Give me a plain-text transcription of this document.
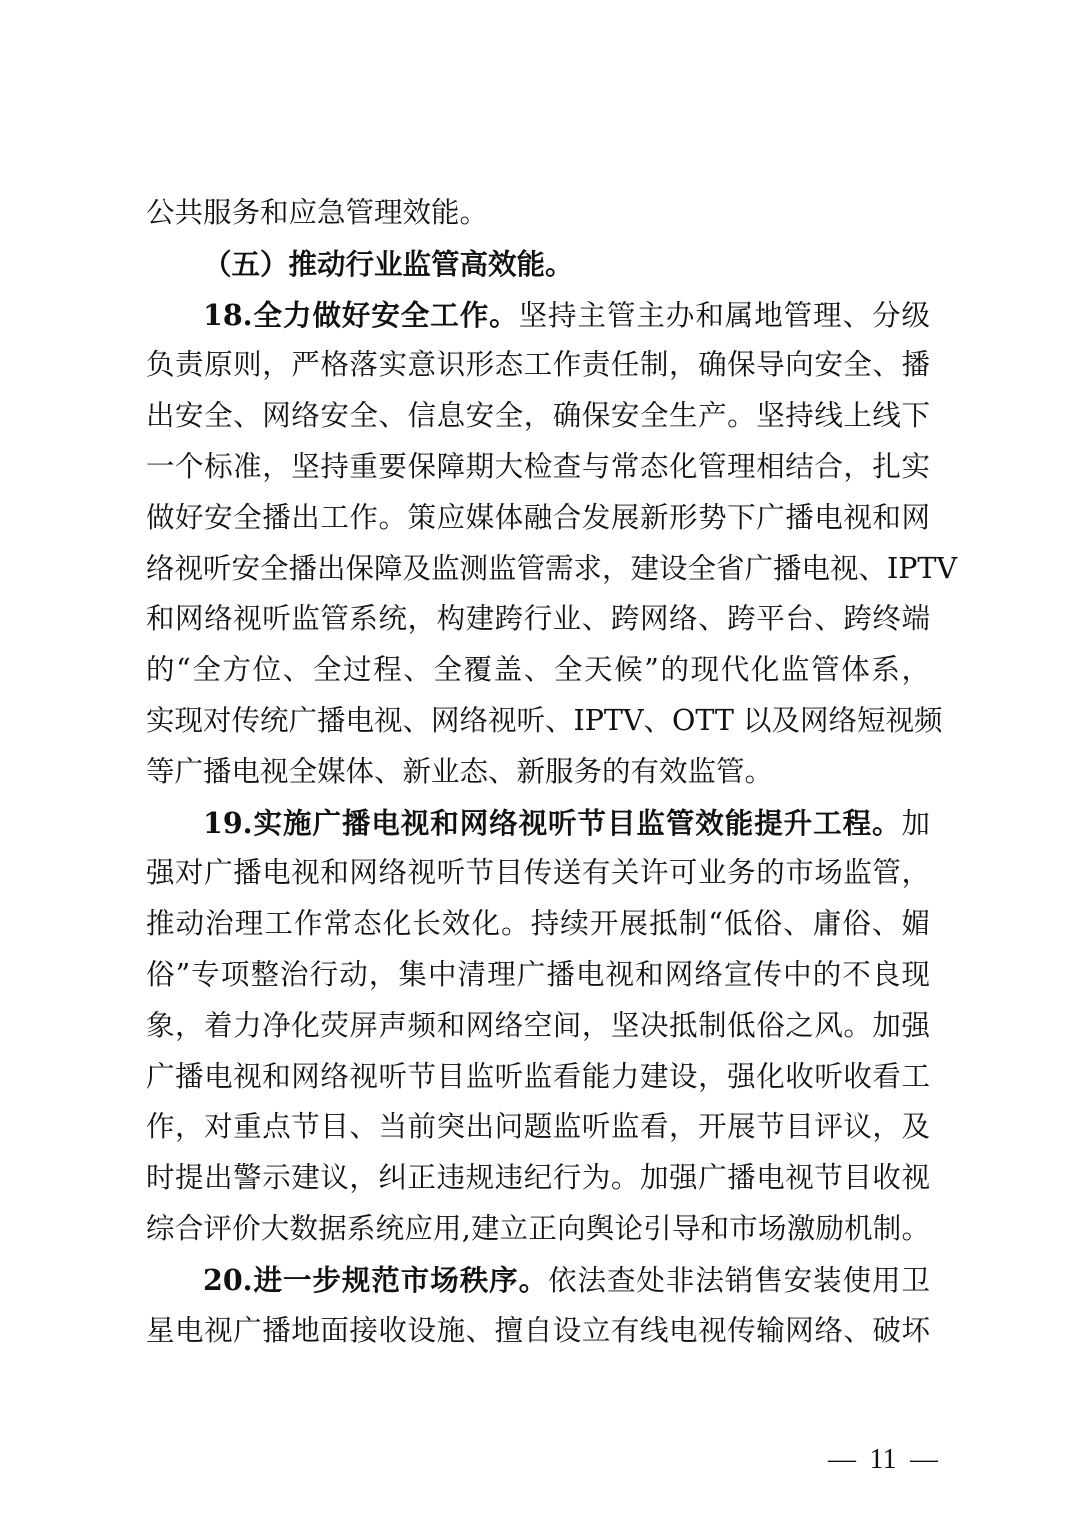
公共服务和应急管理效能。
（五）推动行业监管高效能。
18.全力做好安全工作。坚持主管主办和属地管理、分级
负责原则，严格落实意识形态工作责任制，确保导向安全、播
出安全、网络安全、信息安全，确保安全生产。坚持线上线下
一个标准，坚持重要保障期大检查与常态化管理相结合，扎实
做好安全播出工作。策应媒体融合发展新形势下广播电视和网
络视听安全播出保障及监测监管需求，建设全省广播电视、IPTV
和网络视听监管系统，构建跨行业、跨网络、跨平台、跨终端
的“全方位、全过程、全覆盖、全天候”的现代化监管体系，
实现对传统广播电视、网络视听、IPTV、OTT 以及网络短视频
等广播电视全媒体、新业态、新服务的有效监管。
19.实施广播电视和网络视听节目监管效能提升工程。加
强对广播电视和网络视听节目传送有关许可业务的市场监管，
推动治理工作常态化长效化。持续开展抵制“低俗、庸俗、媚
俗”专项整治行动，集中清理广播电视和网络宣传中的不良现
象，着力净化荧屏声频和网络空间，坚决抵制低俗之风。加强
广播电视和网络视听节目监听监看能力建设，强化收听收看工
作，对重点节目、当前突出问题监听监看，开展节目评议，及
时提出警示建议，纠正违规违纪行为。加强广播电视节目收视
综合评价大数据系统应用,建立正向舆论引导和市场激励机制。
20.进一步规范市场秩序。依法查处非法销售安装使用卫
星电视广播地面接收设施、擅自设立有线电视传输网络、破坏
— 11 —
